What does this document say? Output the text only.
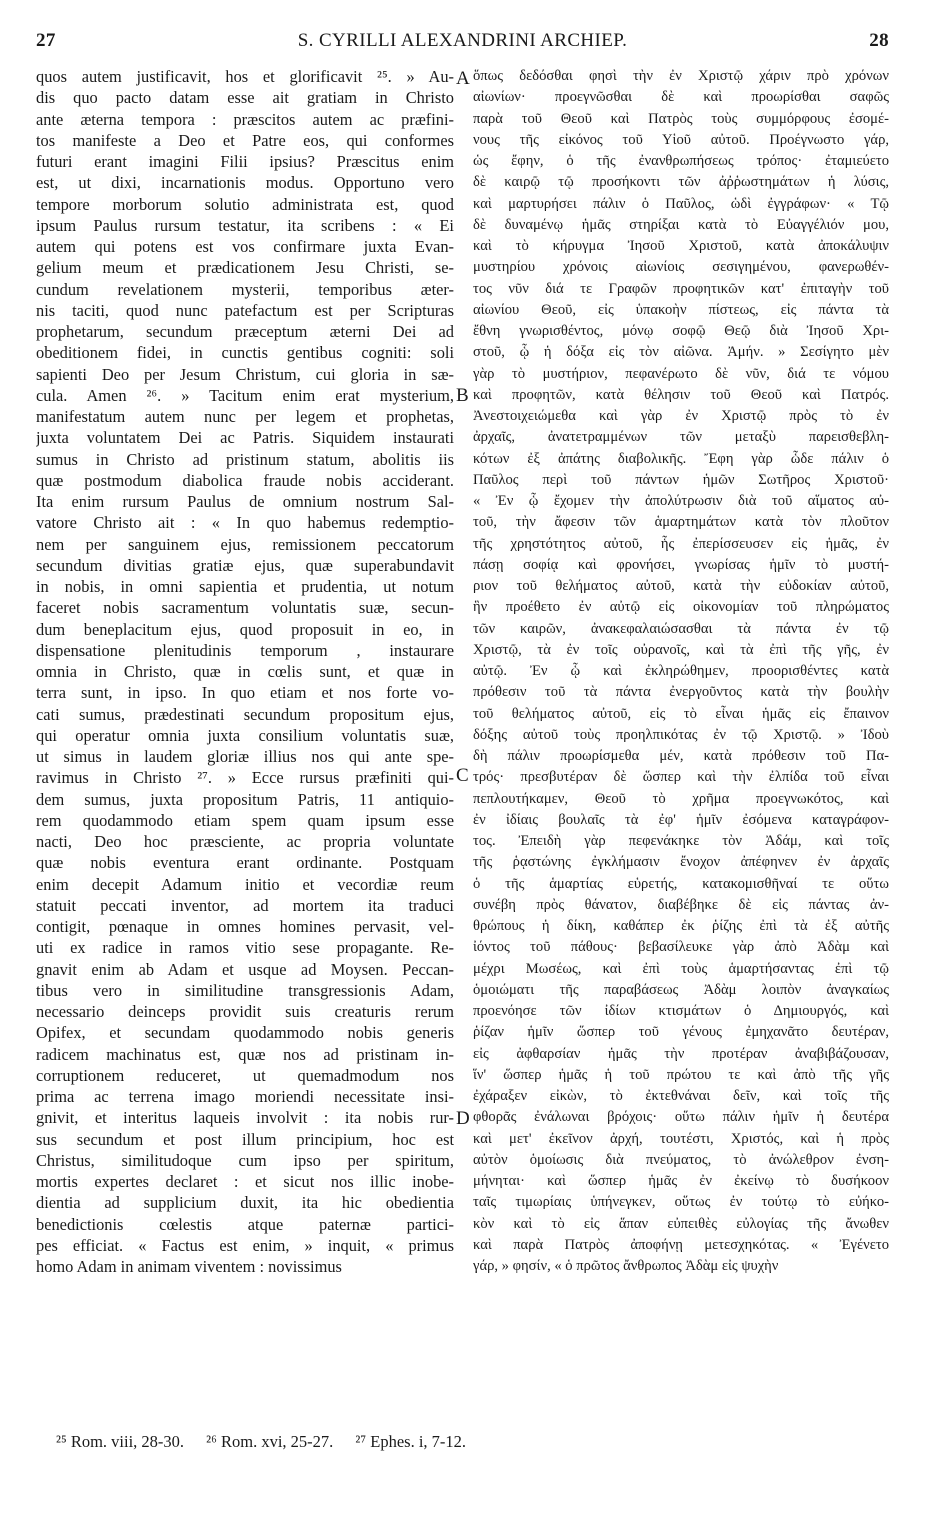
27	S. CYRILLI ALEXANDRINI ARCHIEP.	28
quos autem justificavit, hos et glorificavit ²⁵. » Au-
dis quo pacto datam esse ait gratiam in Christo
ante æterna tempora : præscitos autem ac præfini-
tos manifeste a Deo et Patre eos, qui conformes
futuri erant imagini Filii ipsius? Præscitus enim
est, ut dixi, incarnationis modus. Opportuno vero
tempore morborum solutio administrata est, quod
ipsum Paulus rursum testatur, ita scribens : « Ei
autem qui potens est vos confirmare juxta Evan-
gelium meum et prædicationem Jesu Christi, se-
cundum revelationem mysterii, temporibus æter-
nis taciti, quod nunc patefactum est per Scripturas
prophetarum, secundum præceptum æterni Dei ad
obeditionem fidei, in cunctis gentibus cogniti: soli
sapienti Deo per Jesum Christum, cui gloria in sæ-
cula. Amen ²⁶. » Tacitum enim erat mysterium,
manifestatum autem nunc per legem et prophetas,
juxta voluntatem Dei ac Patris. Siquidem instaurati
sumus in Christo ad pristinum statum, abolitis iis
quæ postmodum diabolica fraude nobis acciderant.
Ita enim rursum Paulus de omnium nostrum Sal-
vatore Christo ait : « In quo habemus redemptio-
nem per sanguinem ejus, remissionem peccatorum
secundum divitias gratiæ ejus, quæ superabundavit
in nobis, in omni sapientia et prudentia, ut notum
faceret nobis sacramentum voluntatis suæ, secun-
dum beneplacitum ejus, quod proposuit in eo, in
dispensatione plenitudinis temporum , instaurare
omnia in Christo, quæ in cœlis sunt, et quæ in
terra sunt, in ipso. In quo etiam et nos forte vo-
cati sumus, prædestinati secundum propositum ejus,
qui operatur omnia juxta consilium voluntatis suæ,
ut simus in laudem gloriæ illius nos qui ante spe-
ravimus in Christo ²⁷. » Ecce rursus præfiniti qui-
dem sumus, juxta propositum Patris, 11 antiquio-
rem quodammodo etiam spem quam ipsum esse
nacti, Deo hoc præsciente, ac propria voluntate
quæ nobis eventura erant ordinante. Postquam
enim decepit Adamum initio et vecordiæ reum
statuit peccati inventor, ad mortem ita traduci
contigit, pœnaque in omnes homines pervasit, vel-
uti ex radice in ramos vitio sese propagante. Re-
gnavit enim ab Adam et usque ad Moysen. Peccan-
tibus vero in similitudine transgressionis Adam,
necessario deinceps providit suis creaturis rerum
Opifex, et secundam quodammodo nobis generis
radicem machinatus est, quæ nos ad pristinam in-
corruptionem reduceret, ut quemadmodum nos
prima ac terrena imago moriendi necessitate insi-
gnivit, et interitus laqueis involvit : ita nobis rur-
sus secundum et post illum principium, hoc est
Christus, similitudoque cum ipso per spiritum,
mortis expertes declaret : et sicut nos illic inobe-
dientia ad supplicium duxit, ita hic obedientia
benedictionis cœlestis atque paternæ partici-
pes efficiat. « Factus est enim, » inquit, « primus
homo Adam in animam viventem : novissimus
A
B
C
D
ὅπως δεδόσθαι φησὶ τὴν ἐν Χριστῷ χάριν πρὸ χρόνων
αἰωνίων· προεγνῶσθαι δὲ καὶ προωρίσθαι σαφῶς
παρὰ τοῦ Θεοῦ καὶ Πατρὸς τοὺς συμμόρφους ἐσομέ-
νους τῆς εἰκόνος τοῦ Υἱοῦ αὐτοῦ. Προέγνωστο γάρ,
ὡς ἔφην, ὁ τῆς ἐνανθρωπήσεως τρόπος· ἐταμιεύετο
δὲ καιρῷ τῷ προσήκοντι τῶν ἀῤῥωστημάτων ἡ λύσις,
καὶ μαρτυρήσει πάλιν ὁ Παῦλος, ὡδὶ ἐγγράφων· « Τῷ
δὲ δυναμένῳ ἡμᾶς στηρίξαι κατὰ τὸ Εὐαγγέλιόν μου,
καὶ τὸ κήρυγμα Ἰησοῦ Χριστοῦ, κατὰ ἀποκάλυψιν
μυστηρίου χρόνοις αἰωνίοις σεσιγημένου, φανερωθέν-
τος νῦν διά τε Γραφῶν προφητικῶν κατ' ἐπιταγὴν τοῦ
αἰωνίου Θεοῦ, εἰς ὑπακοὴν πίστεως, εἰς πάντα τὰ
ἔθνη γνωρισθέντος, μόνῳ σοφῷ Θεῷ διὰ Ἰησοῦ Χρι-
στοῦ, ᾧ ἡ δόξα εἰς τὸν αἰῶνα. Ἀμήν. » Σεσίγητο μὲν
γὰρ τὸ μυστήριον, πεφανέρωτο δὲ νῦν, διά τε νόμου
καὶ προφητῶν, κατὰ θέλησιν τοῦ Θεοῦ καὶ Πατρός.
Ἀνεστοιχειώμεθα καὶ γὰρ ἐν Χριστῷ πρὸς τὸ ἐν
ἀρχαῖς, ἀνατετραμμένων τῶν μεταξὺ παρεισθεβλη-
κότων ἐξ ἀπάτης διαβολικῆς. Ἔφη γὰρ ὧδε πάλιν ὁ
Παῦλος περὶ τοῦ πάντων ἡμῶν Σωτῆρος Χριστοῦ·
« Ἐν ᾧ ἔχομεν τὴν ἀπολύτρωσιν διὰ τοῦ αἵματος αὐ-
τοῦ, τὴν ἄφεσιν τῶν ἁμαρτημάτων κατὰ τὸν πλοῦτον
τῆς χρηστότητος αὐτοῦ, ἧς ἐπερίσσευσεν εἰς ἡμᾶς, ἐν
πάσῃ σοφίᾳ καὶ φρονήσει, γνωρίσας ἡμῖν τὸ μυστή-
ριον τοῦ θελήματος αὐτοῦ, κατὰ τὴν εὐδοκίαν αὐτοῦ,
ἣν προέθετο ἐν αὐτῷ εἰς οἰκονομίαν τοῦ πληρώματος
τῶν καιρῶν, ἀνακεφαλαιώσασθαι τὰ πάντα ἐν τῷ
Χριστῷ, τὰ ἐν τοῖς οὐρανοῖς, καὶ τὰ ἐπὶ τῆς γῆς, ἐν
αὐτῷ. Ἐν ᾧ καὶ ἐκληρώθημεν, προορισθέντες κατὰ
πρόθεσιν τοῦ τὰ πάντα ἐνεργοῦντος κατὰ τὴν βουλὴν
τοῦ θελήματος αὐτοῦ, εἰς τὸ εἶναι ἡμᾶς εἰς ἔπαινον
δόξης αὐτοῦ τοὺς προηλπικότας ἐν τῷ Χριστῷ. » Ἰδοὺ
δὴ πάλιν προωρίσμεθα μέν, κατὰ πρόθεσιν τοῦ Πα-
τρός· πρεσβυτέραν δὲ ὥσπερ καὶ τὴν ἐλπίδα τοῦ εἶναι
πεπλουτήκαμεν, Θεοῦ τὸ χρῆμα προεγνωκότος, καὶ
ἐν ἰδίαις βουλαῖς τὰ ἐφ' ἡμῖν ἐσόμενα καταγράφον-
τος. Ἐπειδὴ γὰρ πεφενάκηκε τὸν Ἀδάμ, καὶ τοῖς
τῆς ῥᾳστώνης ἐγκλήμασιν ἔνοχον ἀπέφηνεν ἐν ἀρχαῖς
ὁ τῆς ἁμαρτίας εὑρετής, κατακομισθῆναί τε οὕτω
συνέβη πρὸς θάνατον, διαβέβηκε δὲ εἰς πάντας ἀν-
θρώπους ἡ δίκη, καθάπερ ἐκ ῥίζης ἐπὶ τὰ ἐξ αὐτῆς
ἰόντος τοῦ πάθους· βεβασίλευκε γὰρ ἀπὸ Ἀδὰμ καὶ
μέχρι Μωσέως, καὶ ἐπὶ τοὺς ἁμαρτήσαντας ἐπὶ τῷ
ὁμοιώματι τῆς παραβάσεως Ἀδὰμ λοιπὸν ἀναγκαίως
προενόησε τῶν ἰδίων κτισμάτων ὁ Δημιουργός, καὶ
ῥίζαν ἡμῖν ὥσπερ τοῦ γένους ἐμηχανᾶτο δευτέραν,
εἰς ἀφθαρσίαν ἡμᾶς τὴν προτέραν ἀναβιβάζουσαν,
ἵν' ὥσπερ ἡμᾶς ἡ τοῦ πρώτου τε καὶ ἀπὸ τῆς γῆς
ἐχάραξεν εἰκὼν, τὸ ἐκτεθνάναι δεῖν, καὶ τοῖς τῆς
φθορᾶς ἐνάλωναι βρόχοις· οὕτω πάλιν ἡμῖν ἡ δευτέρα
καὶ μετ' ἐκεῖνον ἀρχή, τουτέστι, Χριστός, καὶ ἡ πρὸς
αὐτὸν ὁμοίωσις διὰ πνεύματος, τὸ ἀνώλεθρον ἐνση-
μήνηται· καὶ ὥσπερ ἡμᾶς ἐν ἐκείνῳ τὸ δυσήκοον
ταῖς τιμωρίαις ὑπήνεγκεν, οὕτως ἐν τούτῳ τὸ εὐήκο-
κὸν καὶ τὸ εἰς ἅπαν εὐπειθὲς εὐλογίας τῆς ἄνωθεν
καὶ παρὰ Πατρὸς ἀποφήνῃ μετεσχηκότας. « Ἐγένετο
γάρ, » φησίν, « ὁ πρῶτος ἄνθρωπος Ἀδὰμ εἰς ψυχὴν
²⁵ Rom. viii, 28-30. ²⁶ Rom. xvi, 25-27. ²⁷ Ephes. i, 7-12.
